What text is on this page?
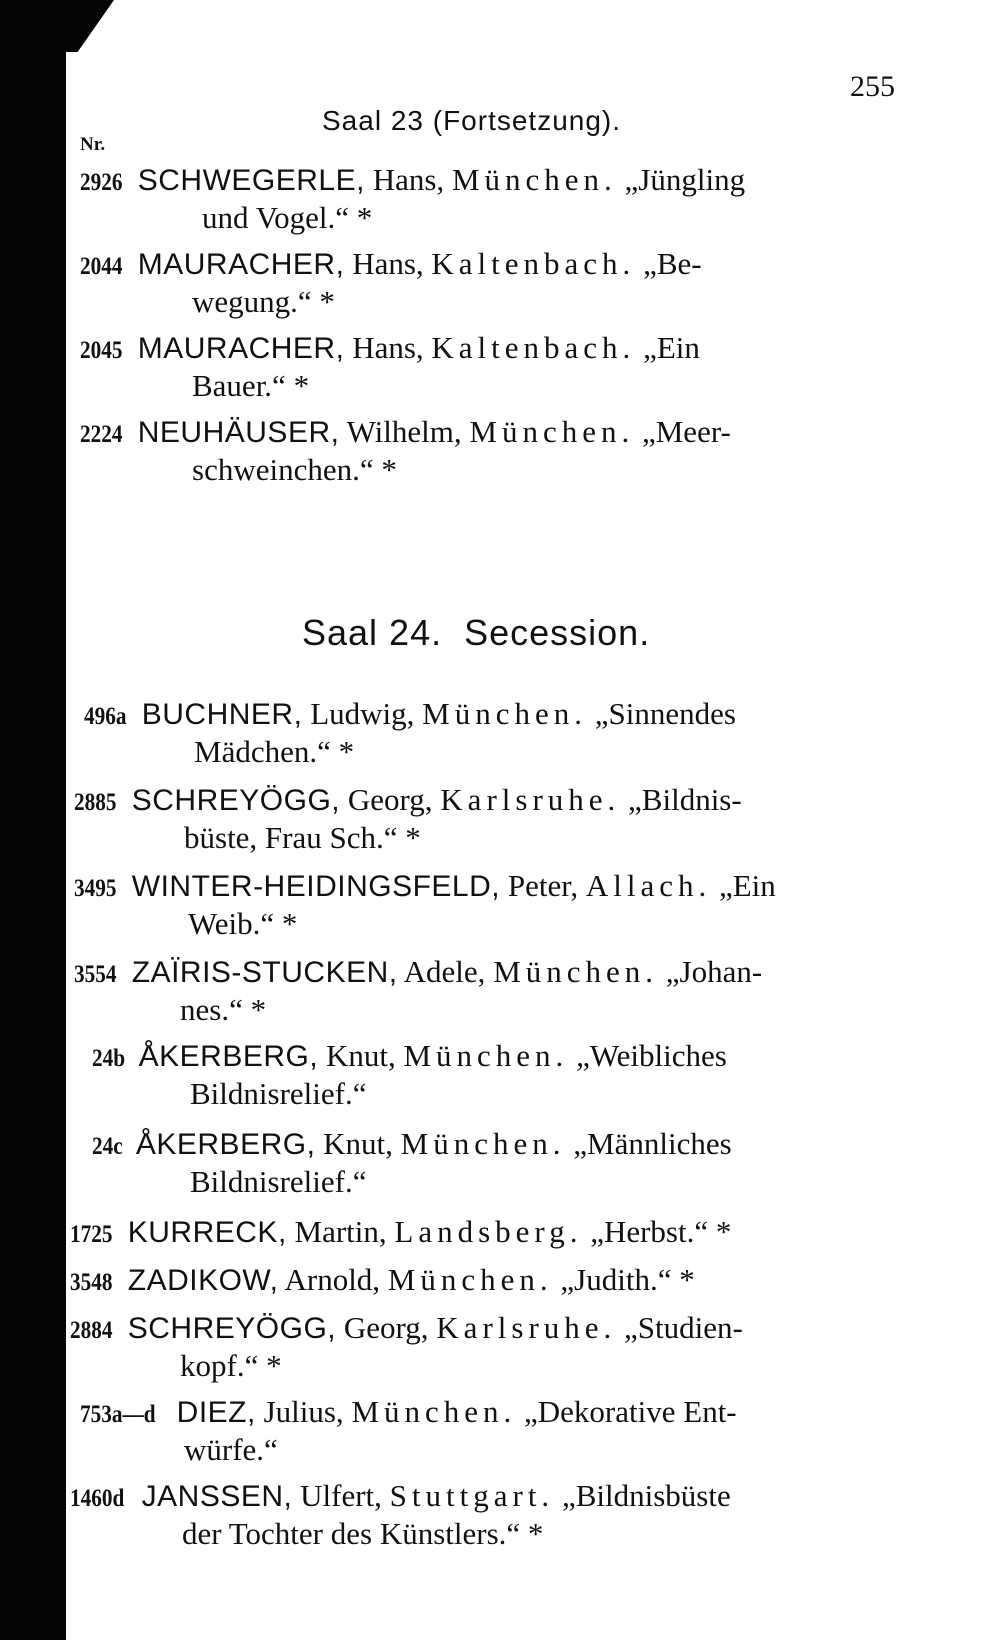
255
Saal 23 (Fortsetzung).
Nr.
2926 SCHWEGERLE, Hans, München. „Jüngling
und Vogel.“ *
2044 MAURACHER, Hans, Kaltenbach. „Be-
wegung.“ *
2045 MAURACHER, Hans, Kaltenbach. „Ein
Bauer.“ *
2224 NEUHÄUSER, Wilhelm, München. „Meer-
schweinchen.“ *
Saal 24. Secession.
496a BUCHNER, Ludwig, München. „Sinnendes
Mädchen.“ *
2885 SCHREYÖGG, Georg, Karlsruhe. „Bildnis-
büste, Frau Sch.“ *
3495 WINTER-HEIDINGSFELD, Peter, Allach. „Ein
Weib.“ *
3554 ZAÏRIS-STUCKEN, Adele, München. „Johan-
nes.“ *
24b ÅKERBERG, Knut, München. „Weibliches
Bildnisrelief.“
24c ÅKERBERG, Knut, München. „Männliches
Bildnisrelief.“
1725 KURRECK, Martin, Landsberg. „Herbst.“ *
3548 ZADIKOW, Arnold, München. „Judith.“ *
2884 SCHREYÖGG, Georg, Karlsruhe. „Studien-
kopf.“ *
753a—d DIEZ, Julius, München. „Dekorative Ent-
würfe.“
1460d JANSSEN, Ulfert, Stuttgart. „Bildnisbüste
der Tochter des Künstlers.“ *
